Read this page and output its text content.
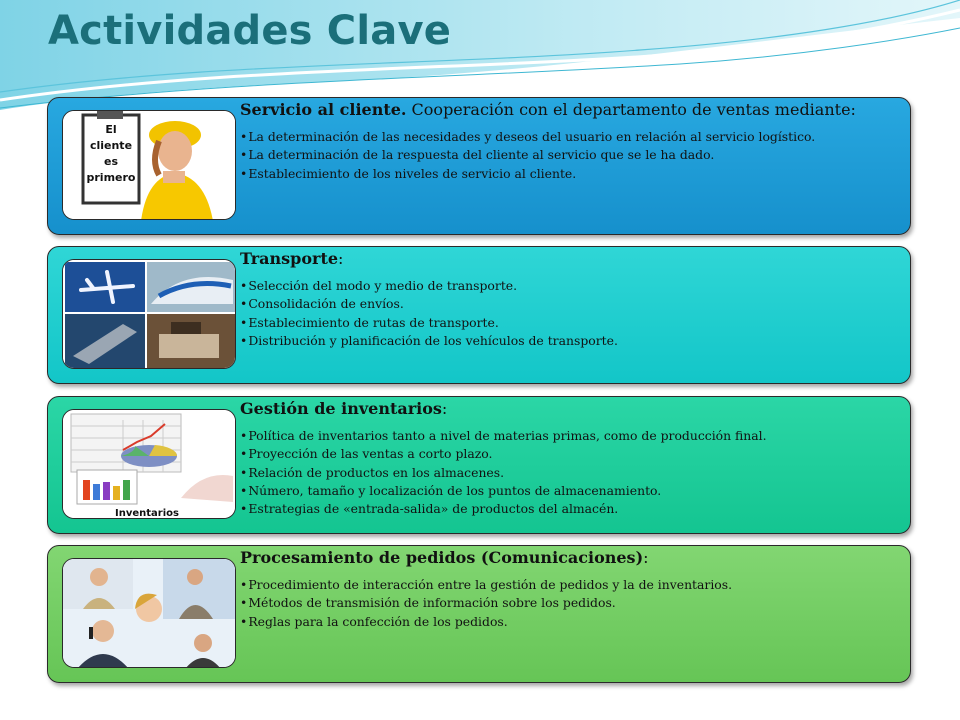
Actividades Clave
El
cliente
es
primero
Servicio al cliente. Cooperación con el departamento de ventas mediante:
• La determinación de las necesidades y deseos del usuario en relación al servicio logístico.
• La determinación de la respuesta del cliente al servicio que se le ha dado.
• Establecimiento de los niveles de servicio al cliente.
Transporte:
• Selección del modo y medio de transporte.
• Consolidación de envíos.
• Establecimiento de rutas de transporte.
• Distribución y planificación de los vehículos de transporte.
Inventarios
Gestión de inventarios:
• Política de inventarios tanto a nivel de materias primas, como de producción final.
• Proyección de las ventas a corto plazo.
• Relación de productos en los almacenes.
• Número, tamaño y localización de los puntos de almacenamiento.
• Estrategias de «entrada-salida» de productos del almacén.
Procesamiento de pedidos (Comunicaciones):
• Procedimiento de interacción entre la gestión de pedidos y la de inventarios.
• Métodos de transmisión de información sobre los pedidos.
• Reglas para la confección de los pedidos.
